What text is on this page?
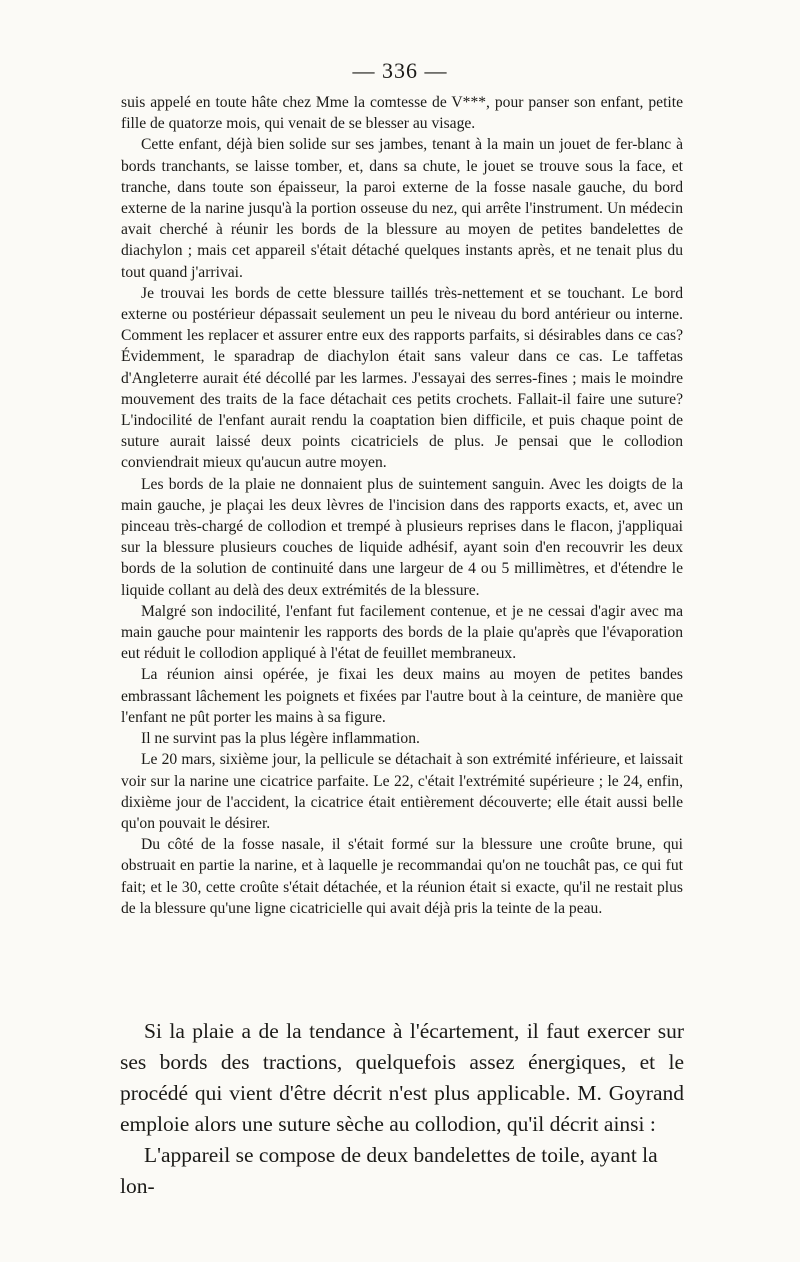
— 336 —

suis appelé en toute hâte chez Mme la comtesse de V***, pour panser son enfant, petite fille de quatorze mois, qui venait de se blesser au visage.

Cette enfant, déjà bien solide sur ses jambes, tenant à la main un jouet de fer-blanc à bords tranchants, se laisse tomber, et, dans sa chute, le jouet se trouve sous la face, et tranche, dans toute son épaisseur, la paroi externe de la fosse nasale gauche, du bord externe de la narine jusqu'à la portion osseuse du nez, qui arrête l'instrument. Un médecin avait cherché à réunir les bords de la blessure au moyen de petites bandelettes de diachylon ; mais cet appareil s'était détaché quelques instants après, et ne tenait plus du tout quand j'arrivai.

Je trouvai les bords de cette blessure taillés très-nettement et se touchant. Le bord externe ou postérieur dépassait seulement un peu le niveau du bord antérieur ou interne. Comment les replacer et assurer entre eux des rapports parfaits, si désirables dans ce cas? Évidemment, le sparadrap de diachylon était sans valeur dans ce cas. Le taffetas d'Angleterre aurait été décollé par les larmes. J'essayai des serres-fines ; mais le moindre mouvement des traits de la face détachait ces petits crochets. Fallait-il faire une suture? L'indocilité de l'enfant aurait rendu la coaptation bien difficile, et puis chaque point de suture aurait laissé deux points cicatriciels de plus. Je pensai que le collodion conviendrait mieux qu'aucun autre moyen.

Les bords de la plaie ne donnaient plus de suintement sanguin. Avec les doigts de la main gauche, je plaçai les deux lèvres de l'incision dans des rapports exacts, et, avec un pinceau très-chargé de collodion et trempé à plusieurs reprises dans le flacon, j'appliquai sur la blessure plusieurs couches de liquide adhésif, ayant soin d'en recouvrir les deux bords de la solution de continuité dans une largeur de 4 ou 5 millimètres, et d'étendre le liquide collant au delà des deux extrémités de la blessure.

Malgré son indocilité, l'enfant fut facilement contenue, et je ne cessai d'agir avec ma main gauche pour maintenir les rapports des bords de la plaie qu'après que l'évaporation eut réduit le collodion appliqué à l'état de feuillet membraneux.

La réunion ainsi opérée, je fixai les deux mains au moyen de petites bandes embrassant lâchement les poignets et fixées par l'autre bout à la ceinture, de manière que l'enfant ne pût porter les mains à sa figure.

Il ne survint pas la plus légère inflammation.

Le 20 mars, sixième jour, la pellicule se détachait à son extrémité inférieure, et laissait voir sur la narine une cicatrice parfaite. Le 22, c'était l'extrémité supérieure ; le 24, enfin, dixième jour de l'accident, la cicatrice était entièrement découverte; elle était aussi belle qu'on pouvait le désirer.

Du côté de la fosse nasale, il s'était formé sur la blessure une croûte brune, qui obstruait en partie la narine, et à laquelle je recommandai qu'on ne touchât pas, ce qui fut fait; et le 30, cette croûte s'était détachée, et la réunion était si exacte, qu'il ne restait plus de la blessure qu'une ligne cicatricielle qui avait déjà pris la teinte de la peau.

Si la plaie a de la tendance à l'écartement, il faut exercer sur ses bords des tractions, quelquefois assez énergiques, et le procédé qui vient d'être décrit n'est plus applicable. M. Goyrand emploie alors une suture sèche au collodion, qu'il décrit ainsi :

L'appareil se compose de deux bandelettes de toile, ayant la lon-
